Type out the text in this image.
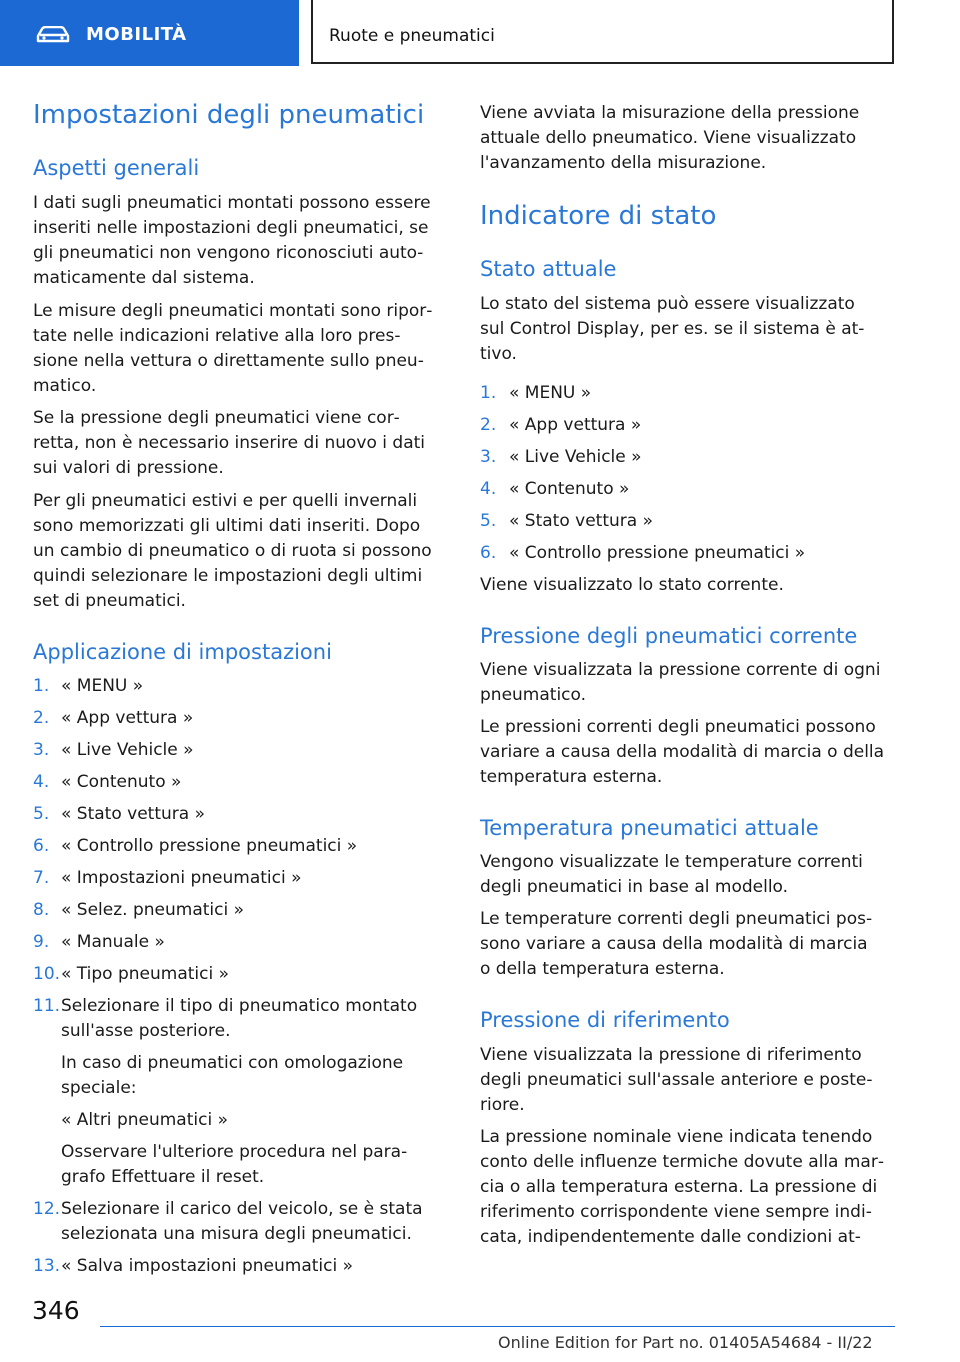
MOBILITÀ	Ruote e pneumatici
Impostazioni degli pneumatici
Aspetti generali
I dati sugli pneumatici montati possono essere
inseriti nelle impostazioni degli pneumatici, se
gli pneumatici non vengono riconosciuti auto‐
maticamente dal sistema.
Le misure degli pneumatici montati sono ripor‐
tate nelle indicazioni relative alla loro pres‐
sione nella vettura o direttamente sullo pneu‐
matico.
Se la pressione degli pneumatici viene cor‐
retta, non è necessario inserire di nuovo i dati
sui valori di pressione.
Per gli pneumatici estivi e per quelli invernali
sono memorizzati gli ultimi dati inseriti. Dopo
un cambio di pneumatico o di ruota si possono
quindi selezionare le impostazioni degli ultimi
set di pneumatici.
Applicazione di impostazioni
1. « MENU »
2. « App vettura »
3. « Live Vehicle »
4. « Contenuto »
5. « Stato vettura »
6. « Controllo pressione pneumatici »
7. « Impostazioni pneumatici »
8. « Selez. pneumatici »
9. « Manuale »
10. « Tipo pneumatici »
11. Selezionare il tipo di pneumatico montato
sull'asse posteriore.
In caso di pneumatici con omologazione
speciale:
« Altri pneumatici »
Osservare l'ulteriore procedura nel para‐
grafo Effettuare il reset.
12. Selezionare il carico del veicolo, se è stata
selezionata una misura degli pneumatici.
13. « Salva impostazioni pneumatici »
Viene avviata la misurazione della pressione
attuale dello pneumatico. Viene visualizzato
l'avanzamento della misurazione.
Indicatore di stato
Stato attuale
Lo stato del sistema può essere visualizzato
sul Control Display, per es. se il sistema è at‐
tivo.
1. « MENU »
2. « App vettura »
3. « Live Vehicle »
4. « Contenuto »
5. « Stato vettura »
6. « Controllo pressione pneumatici »
Viene visualizzato lo stato corrente.
Pressione degli pneumatici corrente
Viene visualizzata la pressione corrente di ogni
pneumatico.
Le pressioni correnti degli pneumatici possono
variare a causa della modalità di marcia o della
temperatura esterna.
Temperatura pneumatici attuale
Vengono visualizzate le temperature correnti
degli pneumatici in base al modello.
Le temperature correnti degli pneumatici pos‐
sono variare a causa della modalità di marcia
o della temperatura esterna.
Pressione di riferimento
Viene visualizzata la pressione di riferimento
degli pneumatici sull'assale anteriore e poste‐
riore.
La pressione nominale viene indicata tenendo
conto delle influenze termiche dovute alla mar‐
cia o alla temperatura esterna. La pressione di
riferimento corrispondente viene sempre indi‐
cata, indipendentemente dalle condizioni at‐
346
Online Edition for Part no. 01405A54684 - II/22
